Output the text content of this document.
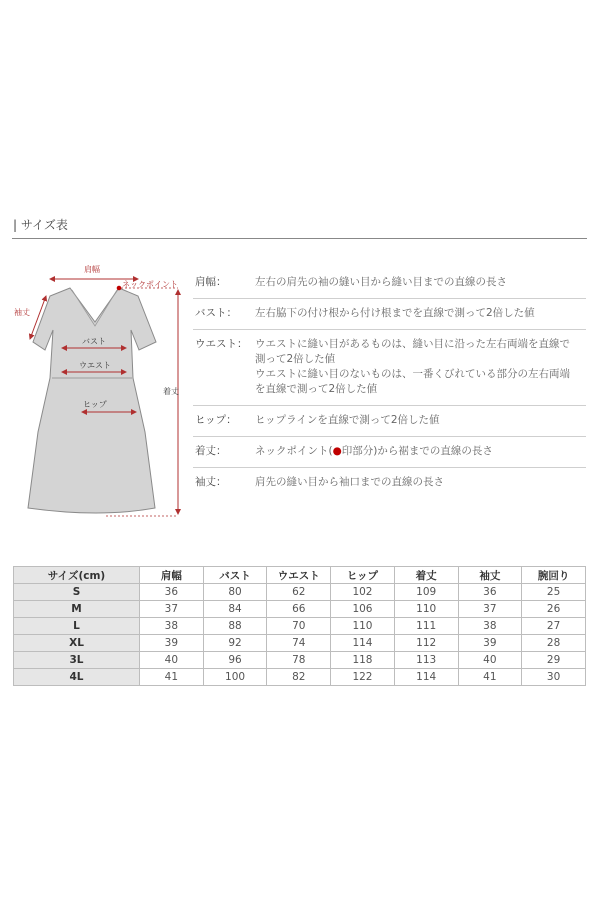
| サイズ表
肩幅
ネックポイント
袖丈
バスト
ウエスト
ヒップ
着丈
肩幅：	左右の肩先の袖の縫い目から縫い目までの直線の長さ
バスト：	左右脇下の付け根から付け根までを直線で測って2倍した値
ウエスト： ウエストに縫い目があるものは、縫い目に沿った左右両端を直線で
測って2倍した値
ウエストに縫い目のないものは、一番くびれている部分の左右両端
を直線で測って2倍した値
ヒップ：	ヒップラインを直線で測って2倍した値
着丈：	ネックポイント(●印部分)から裾までの直線の長さ
袖丈：	肩先の縫い目から袖口までの直線の長さ
サイズ(cm)	肩幅	バスト	ウエスト	ヒップ	着丈	袖丈	腕回り
S	36	80	62	102	109	36	25
M	37	84	66	106	110	37	26
L	38	88	70	110	111	38	27
XL	39	92	74	114	112	39	28
3L	40	96	78	118	113	40	29
4L	41	100	82	122	114	41	30
